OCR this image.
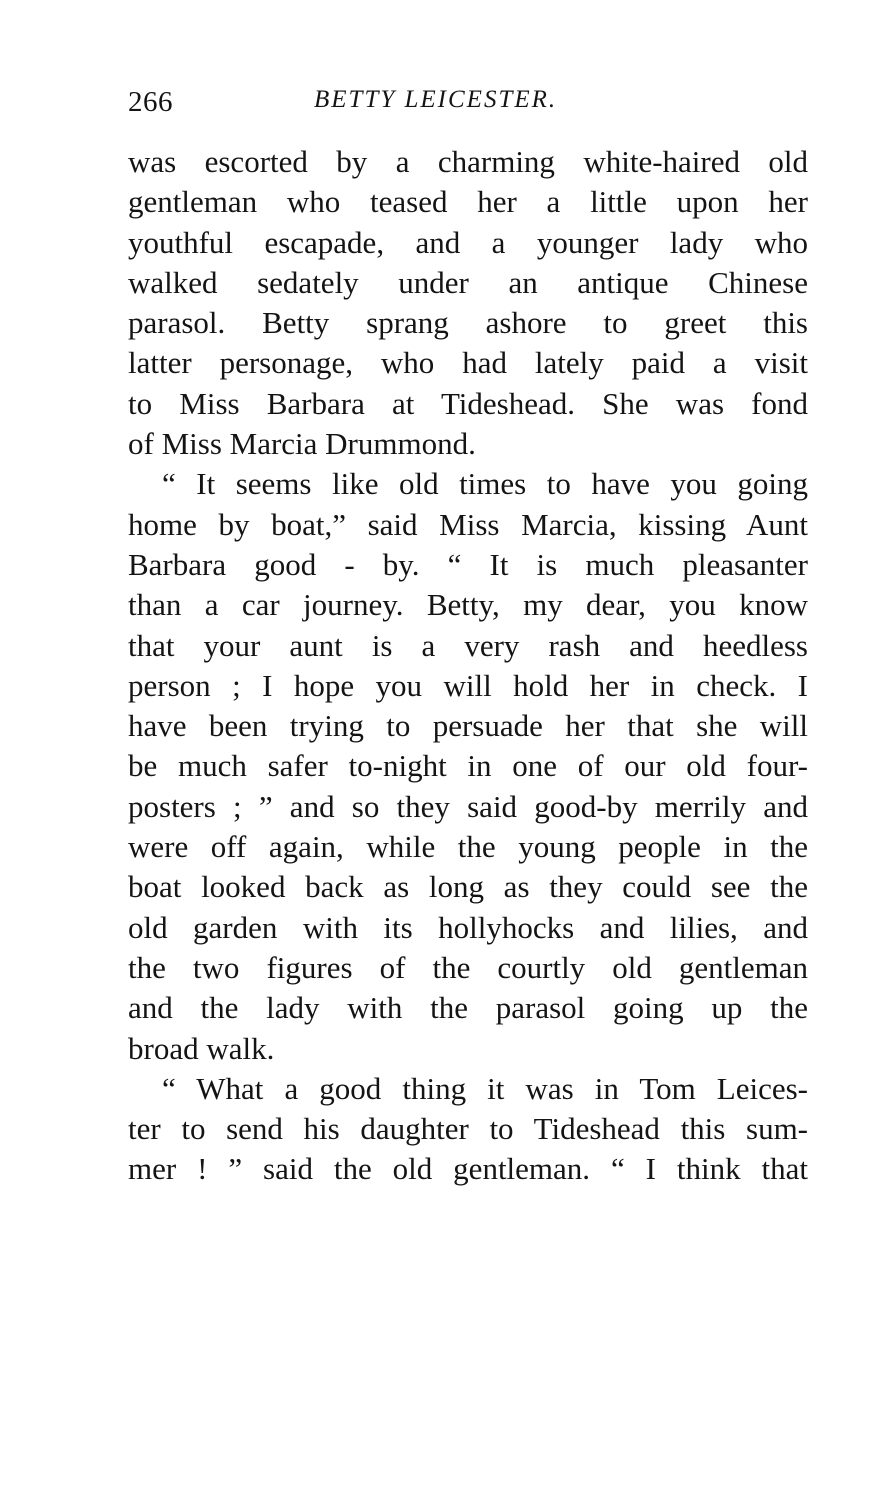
266	BETTY LEICESTER.
was escorted by a charming white-haired old
gentleman who teased her a little upon her
youthful escapade, and a younger lady who
walked sedately under an antique Chinese
parasol. Betty sprang ashore to greet this
latter personage, who had lately paid a visit
to Miss Barbara at Tideshead. She was fond
of Miss Marcia Drummond.
“ It seems like old times to have you going
home by boat,” said Miss Marcia, kissing Aunt
Barbara good - by. “ It is much pleasanter
than a car journey. Betty, my dear, you know
that your aunt is a very rash and heedless
person ; I hope you will hold her in check. I
have been trying to persuade her that she will
be much safer to-night in one of our old four-
posters ; ” and so they said good-by merrily and
were off again, while the young people in the
boat looked back as long as they could see the
old garden with its hollyhocks and lilies, and
the two figures of the courtly old gentleman
and the lady with the parasol going up the
broad walk.
“ What a good thing it was in Tom Leices-
ter to send his daughter to Tideshead this sum-
mer ! ” said the old gentleman. “ I think that
